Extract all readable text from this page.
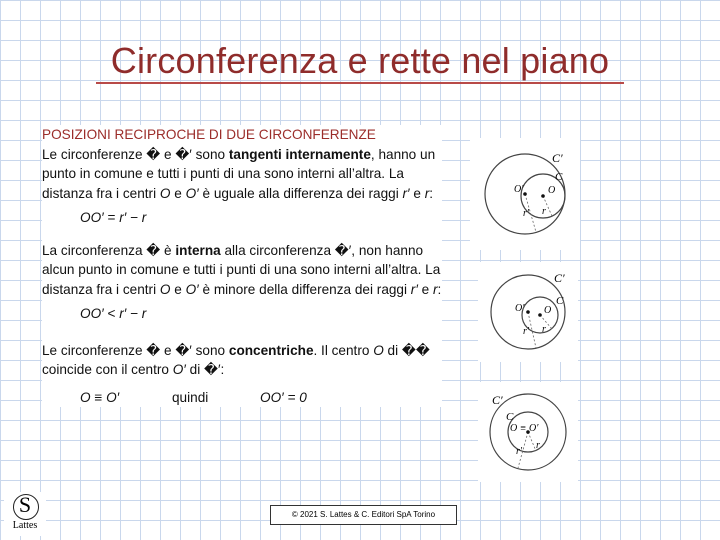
Circonferenza e rette nel piano
POSIZIONI RECIPROCHE DI DUE CIRCONFERENZE

Le circonferenze � e �′ sono tangenti internamente, hanno un punto in comune e tutti i punti di una sono interni all’altra. La distanza fra i centri O e O′ è uguale alla differenza dei raggi r′ e r:

OO′ = r′ − r

La circonferenza � è interna alla circonferenza �′, non hanno alcun punto in comune e tutti i punti di una sono interni all’altra. La distanza fra i centri O e O′ è minore della differenza dei raggi r′ e r:

OO′ < r′ − r

Le circonferenze � e �′ sono concentriche. Il centro O di �� coincide con il centro O′ di �′:

O ≡ O′	quindi	OO′ = 0
C′
C
O′ O
r′ r
C′
C
O′ O
r′ r
C′
C
O ≡ O′
r′
r
© 2021 S. Lattes & C. Editori SpA Torino
S
Lattes
